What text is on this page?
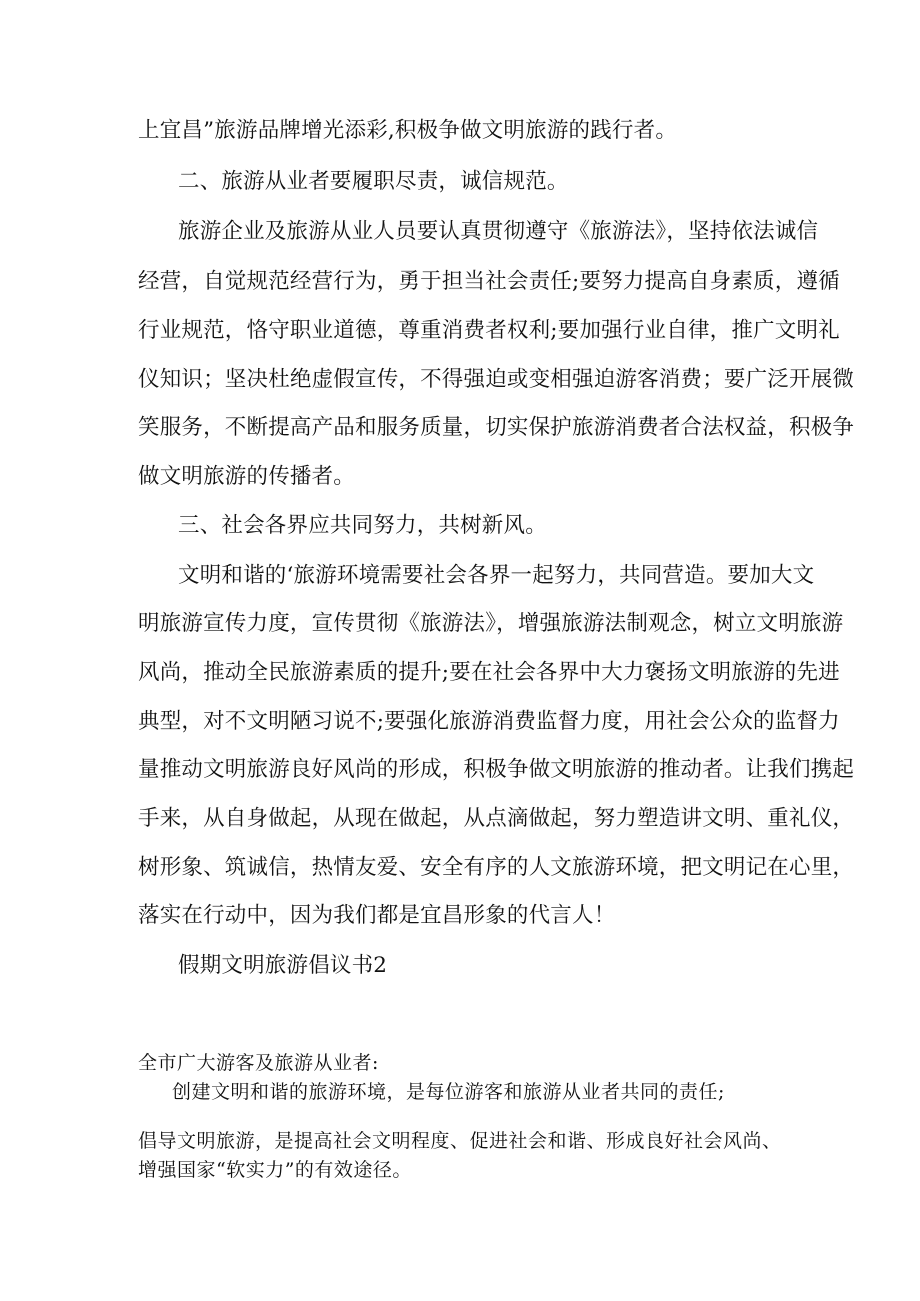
上宜昌”旅游品牌增光添彩,积极争做文明旅游的践行者。
二、旅游从业者要履职尽责，诚信规范。
旅游企业及旅游从业人员要认真贯彻遵守《旅游法》，坚持依法诚信
经营，自觉规范经营行为，勇于担当社会责任;要努力提高自身素质，遵循
行业规范，恪守职业道德，尊重消费者权利;要加强行业自律，推广文明礼
仪知识；坚决杜绝虚假宣传，不得强迫或变相强迫游客消费；要广泛开展微
笑服务，不断提高产品和服务质量，切实保护旅游消费者合法权益，积极争
做文明旅游的传播者。
三、社会各界应共同努力，共树新风。
文明和谐的‘旅游环境需要社会各界一起努力，共同营造。要加大文
明旅游宣传力度，宣传贯彻《旅游法》，增强旅游法制观念，树立文明旅游
风尚，推动全民旅游素质的提升;要在社会各界中大力褒扬文明旅游的先进
典型，对不文明陋习说不;要强化旅游消费监督力度，用社会公众的监督力
量推动文明旅游良好风尚的形成，积极争做文明旅游的推动者。让我们携起
手来，从自身做起，从现在做起，从点滴做起，努力塑造讲文明、重礼仪，
树形象、筑诚信，热情友爱、安全有序的人文旅游环境，把文明记在心里，
落实在行动中，因为我们都是宜昌形象的代言人！
假期文明旅游倡议书2
全市广大游客及旅游从业者:
创建文明和谐的旅游环境，是每位游客和旅游从业者共同的责任;
倡导文明旅游，是提高社会文明程度、促进社会和谐、形成良好社会风尚、
增强国家“软实力”的有效途径。
